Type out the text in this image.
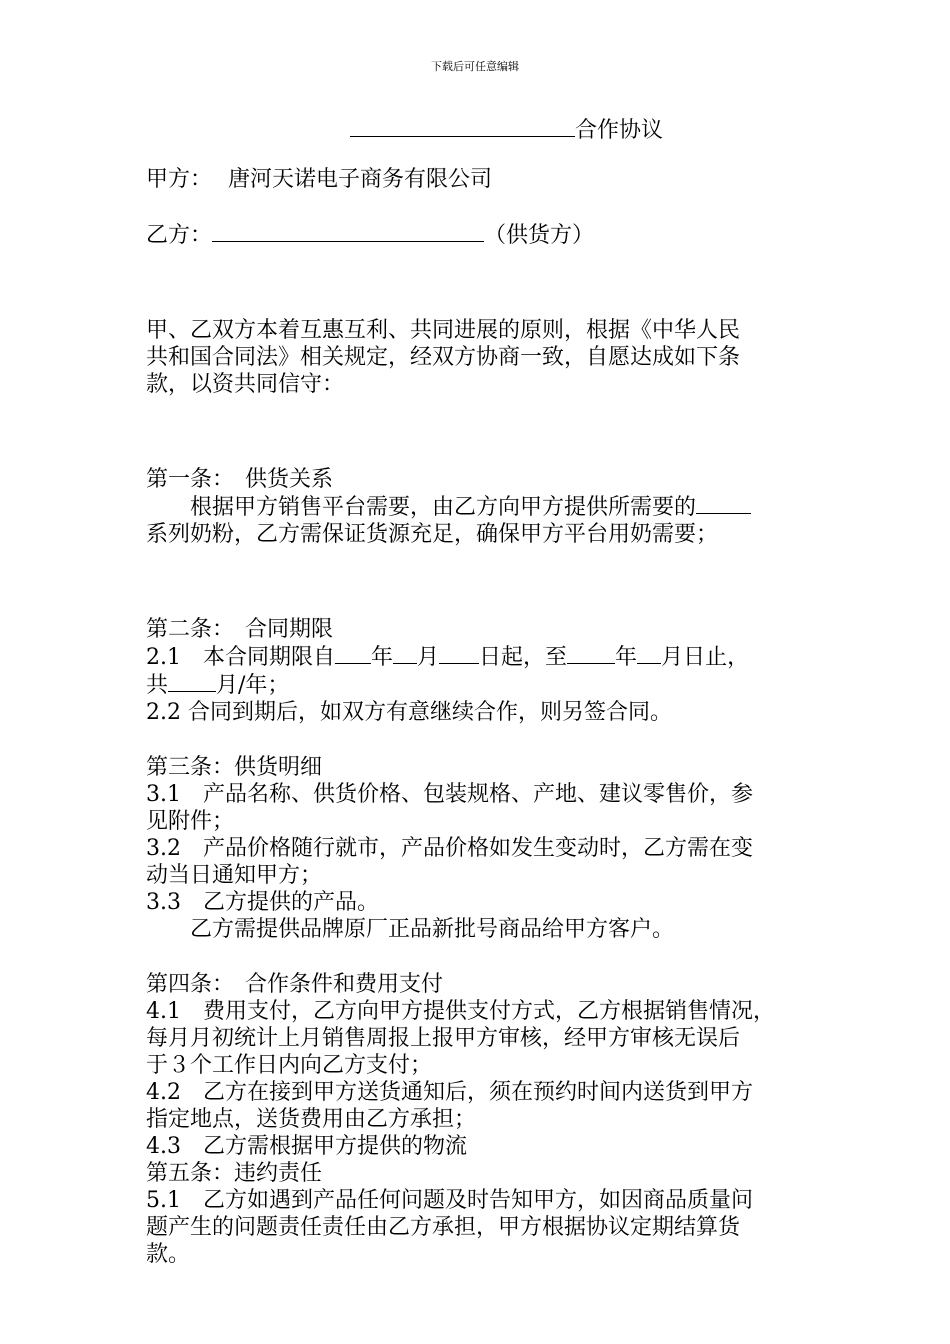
下载后可任意编辑

合作协议

甲方： 唐河天诺电子商务有限公司

乙方：	（供货方）

甲、乙双方本着互惠互利、共同进展的原则，根据《中华人民

共和国合同法》相关规定，经双方协商一致，自愿达成如下条

款，以资共同信守：

第一条：　供货关系

根据甲方销售平台需要，由乙方向甲方提供所需要的

系列奶粉，乙方需保证货源充足，确保甲方平台用奶需要；

第二条：　合同期限

2.1　本合同期限自 年 月 日起，至 年 月日止，

共 月/年；

2.2 合同到期后，如双方有意继续合作，则另签合同。

第三条：供货明细

3.1　产品名称、供货价格、包装规格、产地、建议零售价，参

见附件；

3.2　产品价格随行就市，产品价格如发生变动时，乙方需在变

动当日通知甲方；

3.3　乙方提供的产品。

乙方需提供品牌原厂正品新批号商品给甲方客户。

第四条：　合作条件和费用支付

4.1　费用支付，乙方向甲方提供支付方式，乙方根据销售情况，

每月月初统计上月销售周报上报甲方审核，经甲方审核无误后

于３个工作日内向乙方支付；

4.2　乙方在接到甲方送货通知后，须在预约时间内送货到甲方

指定地点，送货费用由乙方承担；

4.3　乙方需根据甲方提供的物流

第五条：违约责任

5.1　乙方如遇到产品任何问题及时告知甲方，如因商品质量问

题产生的问题责任责任由乙方承担，甲方根据协议定期结算货

款。
